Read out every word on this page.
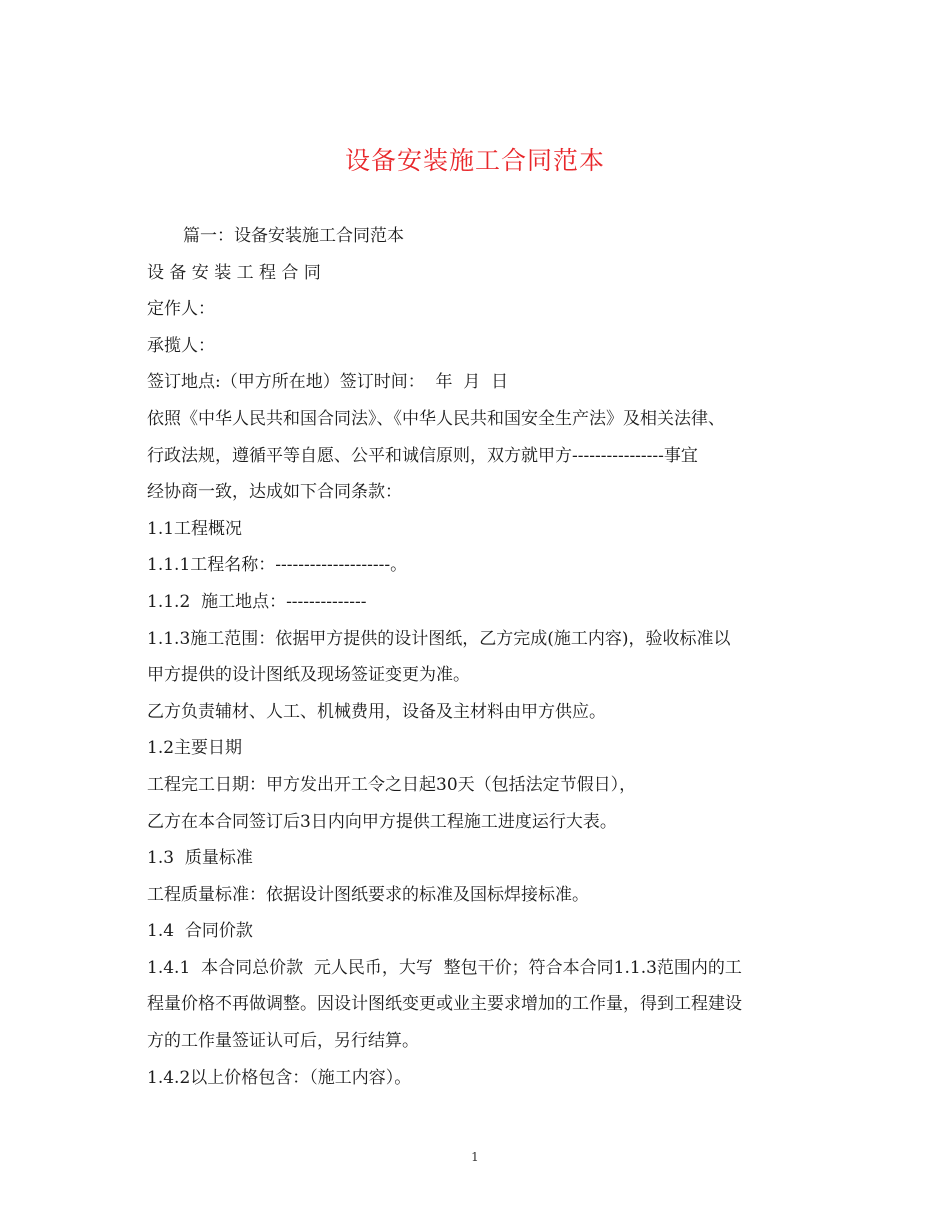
设备安装施工合同范本
篇一：设备安装施工合同范本
设 备 安 装 工 程 合 同
定作人：
承揽人：
签订地点:（甲方所在地）签订时间：  年  月  日
依照《中华人民共和国合同法》、《中华人民共和国安全生产法》及相关法律、
行政法规，遵循平等自愿、公平和诚信原则，双方就甲方----------------事宜
经协商一致，达成如下合同条款：
1.1工程概况
1.1.1工程名称：--------------------。
1.1.2  施工地点：--------------
1.1.3施工范围：依据甲方提供的设计图纸，乙方完成(施工内容)，验收标准以
甲方提供的设计图纸及现场签证变更为准。
乙方负责辅材、人工、机械费用，设备及主材料由甲方供应。
1.2主要日期
工程完工日期：甲方发出开工令之日起30天（包括法定节假日），
乙方在本合同签订后3日内向甲方提供工程施工进度运行大表。
1.3  质量标准
工程质量标准：依据设计图纸要求的标准及国标焊接标准。
1.4  合同价款
1.4.1  本合同总价款  元人民币，大写  整包干价；符合本合同1.1.3范围内的工
程量价格不再做调整。因设计图纸变更或业主要求增加的工作量，得到工程建设
方的工作量签证认可后，另行结算。
1.4.2以上价格包含：（施工内容）。
1
